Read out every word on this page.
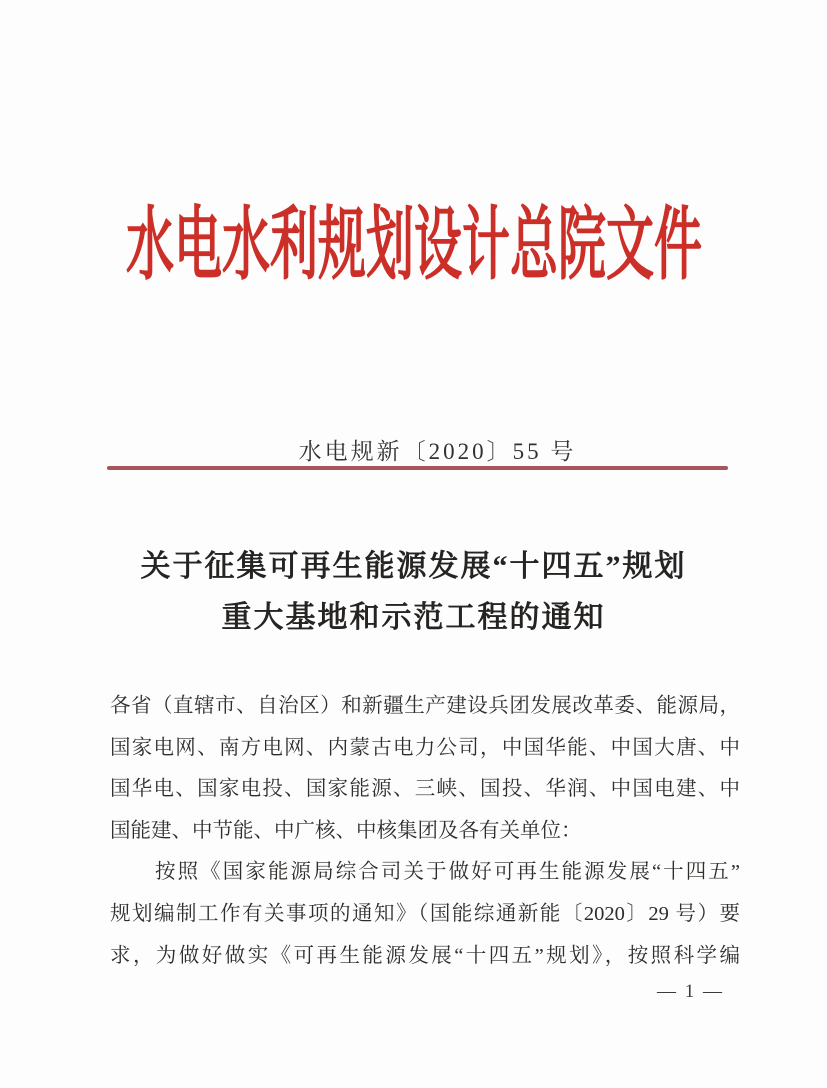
水电水利规划设计总院文件
水电规新〔2020〕55 号
关于征集可再生能源发展“十四五”规划
重大基地和示范工程的通知
各省（直辖市、自治区）和新疆生产建设兵团发展改革委、能源局，
国家电网、南方电网、内蒙古电力公司，中国华能、中国大唐、中
国华电、国家电投、国家能源、三峡、国投、华润、中国电建、中
国能建、中节能、中广核、中核集团及各有关单位：
按照《国家能源局综合司关于做好可再生能源发展“十四五”
规划编制工作有关事项的通知》（国能综通新能〔2020〕29 号）要
求，为做好做实《可再生能源发展“十四五”规划》，按照科学编
— 1 —
